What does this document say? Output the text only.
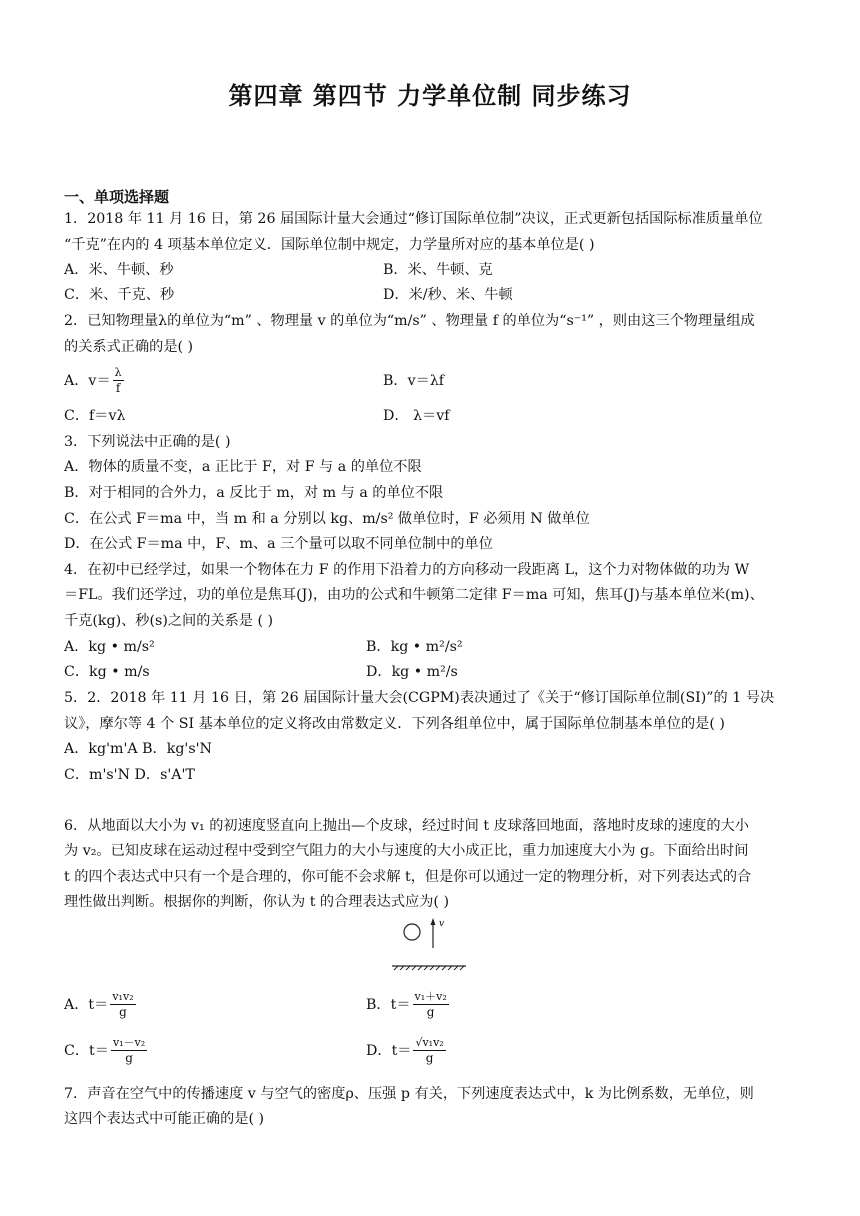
第四章 第四节 力学单位制 同步练习
一、单项选择题
1．2018 年 11 月 16 日，第 26 届国际计量大会通过“修订国际单位制”决议，正式更新包括国际标准质量单位
“千克”在内的 4 项基本单位定义．国际单位制中规定，力学量所对应的基本单位是( )
A．米、牛顿、秒	B．米、牛顿、克
C．米、千克、秒	D．米/秒、米、牛顿
2．已知物理量λ的单位为“m” 、物理量 v 的单位为“m/s” 、物理量 f 的单位为“s⁻¹” ，则由这三个物理量组成
的关系式正确的是( )
A．$v= \frac{\lambda}{f}$	B．v＝λf
C．f＝vλ	D． λ＝vf
3．下列说法中正确的是( )
A．物体的质量不变，a 正比于 F，对 F 与 a 的单位不限
B．对于相同的合外力，a 反比于 m，对 m 与 a 的单位不限
C．在公式 F＝ma 中，当 m 和 a 分别以 kg、m/s² 做单位时，F 必须用 N 做单位
D．在公式 F＝ma 中，F、m、a 三个量可以取不同单位制中的单位
4．在初中已经学过，如果一个物体在力 F 的作用下沿着力的方向移动一段距离 L，这个力对物体做的功为 W
＝FL。我们还学过，功的单位是焦耳(J)，由功的公式和牛顿第二定律 F＝ma 可知，焦耳(J)与基本单位米(m)、
千克(kg)、秒(s)之间的关系是 ( )
A．kg • m/s²	B．kg • m²/s²
C．kg • m/s	D．kg • m²/s
5．2．2018 年 11 月 16 日，第 26 届国际计量大会(CGPM)表决通过了《关于“修订国际单位制(SI)”的 1 号决
议》，摩尔等 4 个 SI 基本单位的定义将改由常数定义．下列各组单位中，属于国际单位制基本单位的是( )
A．kg'm'A B．kg's'N
C．m's'N D．s'A'T
6．从地面以大小为 v₁ 的初速度竖直向上抛出—个皮球，经过时间 t 皮球落回地面，落地时皮球的速度的大小
为 v₂。已知皮球在运动过程中受到空气阻力的大小与速度的大小成正比，重力加速度大小为 g。下面给出时间
t 的四个表达式中只有一个是合理的，你可能不会求解 t，但是你可以通过一定的物理分析，对下列表达式的合
理性做出判断。根据你的判断，你认为 t 的合理表达式应为( )
v
A．$t= \frac{\text{v₁v₂}}{g}$	B．$t= \frac{\text{v₁＋v₂}}{g}$
C．$t= \frac{\text{v₁－v₂}}{g}$	D．$t= \frac{\text{√v₁v₂}}{g}$
7．声音在空气中的传播速度 v 与空气的密度ρ、压强 p 有关，下列速度表达式中，k 为比例系数，无单位，则
这四个表达式中可能正确的是( )
